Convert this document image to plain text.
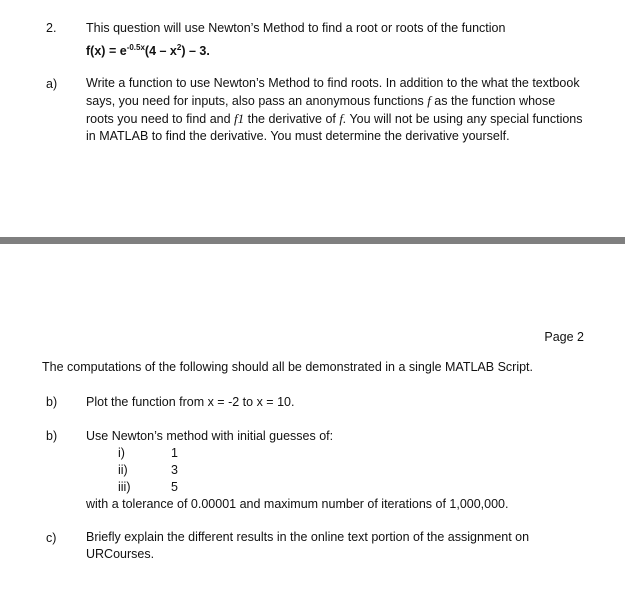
2. This question will use Newton’s Method to find a root or roots of the function
$f(x) = e^{-0.5x}(4 - x^2) - 3$.
a) Write a function to use Newton’s Method to find roots. In addition to the what the textbook says, you need for inputs, also pass an anonymous functions f as the function whose roots you need to find and f1 the derivative of f. You will not be using any special functions in MATLAB to find the derivative. You must determine the derivative yourself.
Page 2
The computations of the following should all be demonstrated in a single MATLAB Script.
b) Plot the function from x = -2 to x = 10.
b) Use Newton’s method with initial guesses of:
i)	1
ii)	3
iii)	5
with a tolerance of 0.00001 and maximum number of iterations of 1,000,000.
c) Briefly explain the different results in the online text portion of the assignment on URCourses.
